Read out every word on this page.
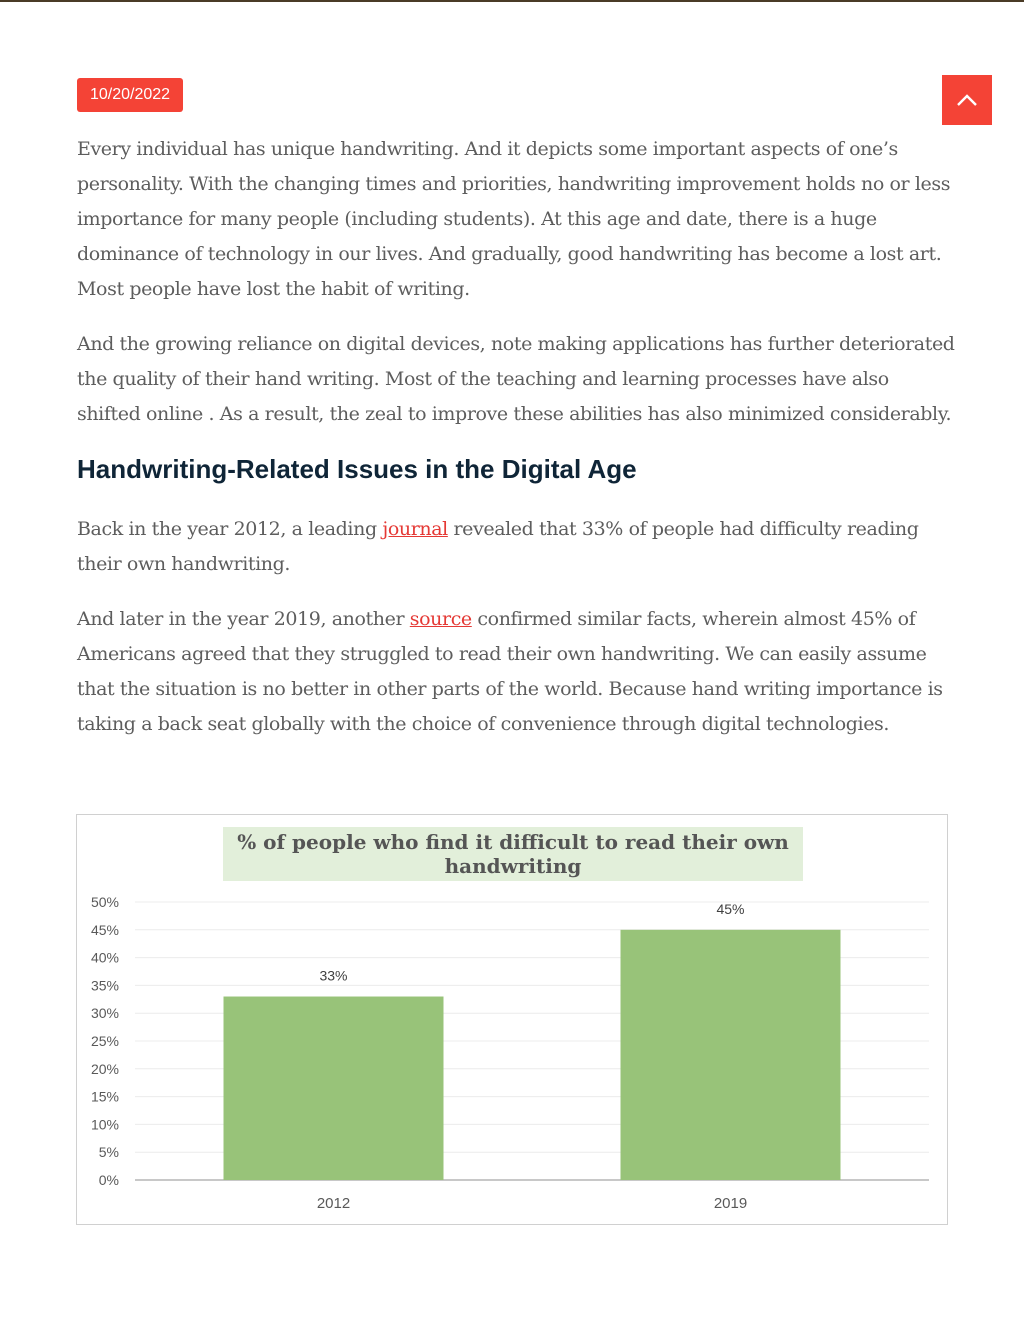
10/20/2022

Every individual has unique handwriting. And it depicts some important aspects of one’s personality. With the changing times and priorities, handwriting improvement holds no or less importance for many people (including students). At this age and date, there is a huge dominance of technology in our lives. And gradually, good handwriting has become a lost art. Most people have lost the habit of writing.

And the growing reliance on digital devices, note making applications has further deteriorated the quality of their hand writing. Most of the teaching and learning processes have also shifted online . As a result, the zeal to improve these abilities has also minimized considerably.

Handwriting-Related Issues in the Digital Age

Back in the year 2012, a leading journal revealed that 33% of people had difficulty reading their own handwriting.

And later in the year 2019, another source confirmed similar facts, wherein almost 45% of Americans agreed that they struggled to read their own handwriting. We can easily assume that the situation is no better in other parts of the world. Because hand writing importance is taking a back seat globally with the choice of convenience through digital technologies.

% of people who find it difficult to read their own
handwriting
0%
5%
10%
15%
20%
25%
30%
35%
40%
45%
50%
33%
2012
45%
2019
